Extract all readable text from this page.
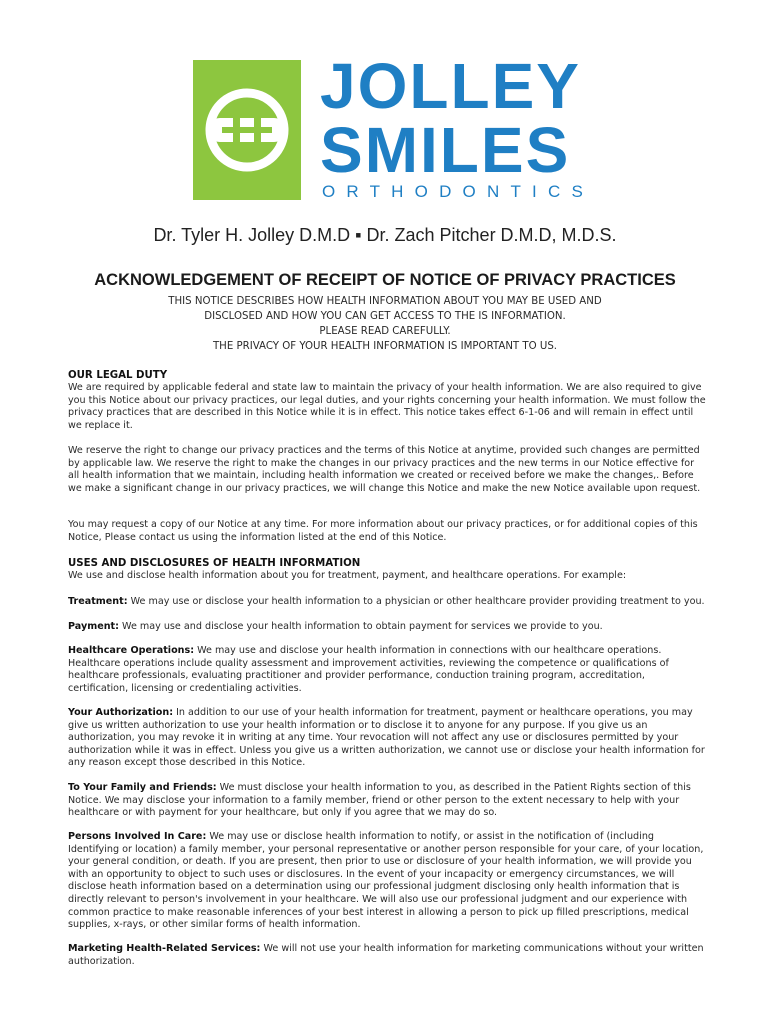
JOLLEY
SMILES
ORTHODONTICS
Dr. Tyler H. Jolley D.M.D ▪ Dr. Zach Pitcher D.M.D, M.D.S.
ACKNOWLEDGEMENT OF RECEIPT OF NOTICE OF PRIVACY PRACTICES
THIS NOTICE DESCRIBES HOW HEALTH INFORMATION ABOUT YOU MAY BE USED AND
DISCLOSED AND HOW YOU CAN GET ACCESS TO THE IS INFORMATION.
PLEASE READ CAREFULLY.
THE PRIVACY OF YOUR HEALTH INFORMATION IS IMPORTANT TO US.
OUR LEGAL DUTY
We are required by applicable federal and state law to maintain the privacy of your health information. We are also required to give you this Notice about our privacy practices, our legal duties, and your rights concerning your health information. We must follow the privacy practices that are described in this Notice while it is in effect. This notice takes effect 6-1-06 and will remain in effect until we replace it.
We reserve the right to change our privacy practices and the terms of this Notice at anytime, provided such changes are permitted by applicable law. We reserve the right to make the changes in our privacy practices and the new terms in our Notice effective for all health information that we maintain, including health information we created or received before we make the changes,. Before we make a significant change in our privacy practices, we will change this Notice and make the new Notice available upon request.
You may request a copy of our Notice at any time. For more information about our privacy practices, or for additional copies of this Notice, Please contact us using the information listed at the end of this Notice.
USES AND DISCLOSURES OF HEALTH INFORMATION
We use and disclose health information about you for treatment, payment, and healthcare operations. For example:
Treatment: We may use or disclose your health information to a physician or other healthcare provider providing treatment to you.
Payment: We may use and disclose your health information to obtain payment for services we provide to you.
Healthcare Operations: We may use and disclose your health information in connections with our healthcare operations. Healthcare operations include quality assessment and improvement activities, reviewing the competence or qualifications of healthcare professionals, evaluating practitioner and provider performance, conduction training program, accreditation, certification, licensing or credentialing activities.
Your Authorization: In addition to our use of your health information for treatment, payment or healthcare operations, you may give us written authorization to use your health information or to disclose it to anyone for any purpose. If you give us an authorization, you may revoke it in writing at any time. Your revocation will not affect any use or disclosures permitted by your authorization while it was in effect. Unless you give us a written authorization, we cannot use or disclose your health information for any reason except those described in this Notice.
To Your Family and Friends: We must disclose your health information to you, as described in the Patient Rights section of this Notice. We may disclose your information to a family member, friend or other person to the extent necessary to help with your healthcare or with payment for your healthcare, but only if you agree that we may do so.
Persons Involved In Care: We may use or disclose health information to notify, or assist in the notification of (including Identifying or location) a family member, your personal representative or another person responsible for your care, of your location, your general condition, or death. If you are present, then prior to use or disclosure of your health information, we will provide you with an opportunity to object to such uses or disclosures. In the event of your incapacity or emergency circumstances, we will disclose heath information based on a determination using our professional judgment disclosing only health information that is directly relevant to person's involvement in your healthcare. We will also use our professional judgment and our experience with common practice to make reasonable inferences of your best interest in allowing a person to pick up filled prescriptions, medical supplies, x-rays, or other similar forms of health information.
Marketing Health-Related Services: We will not use your health information for marketing communications without your written authorization.
